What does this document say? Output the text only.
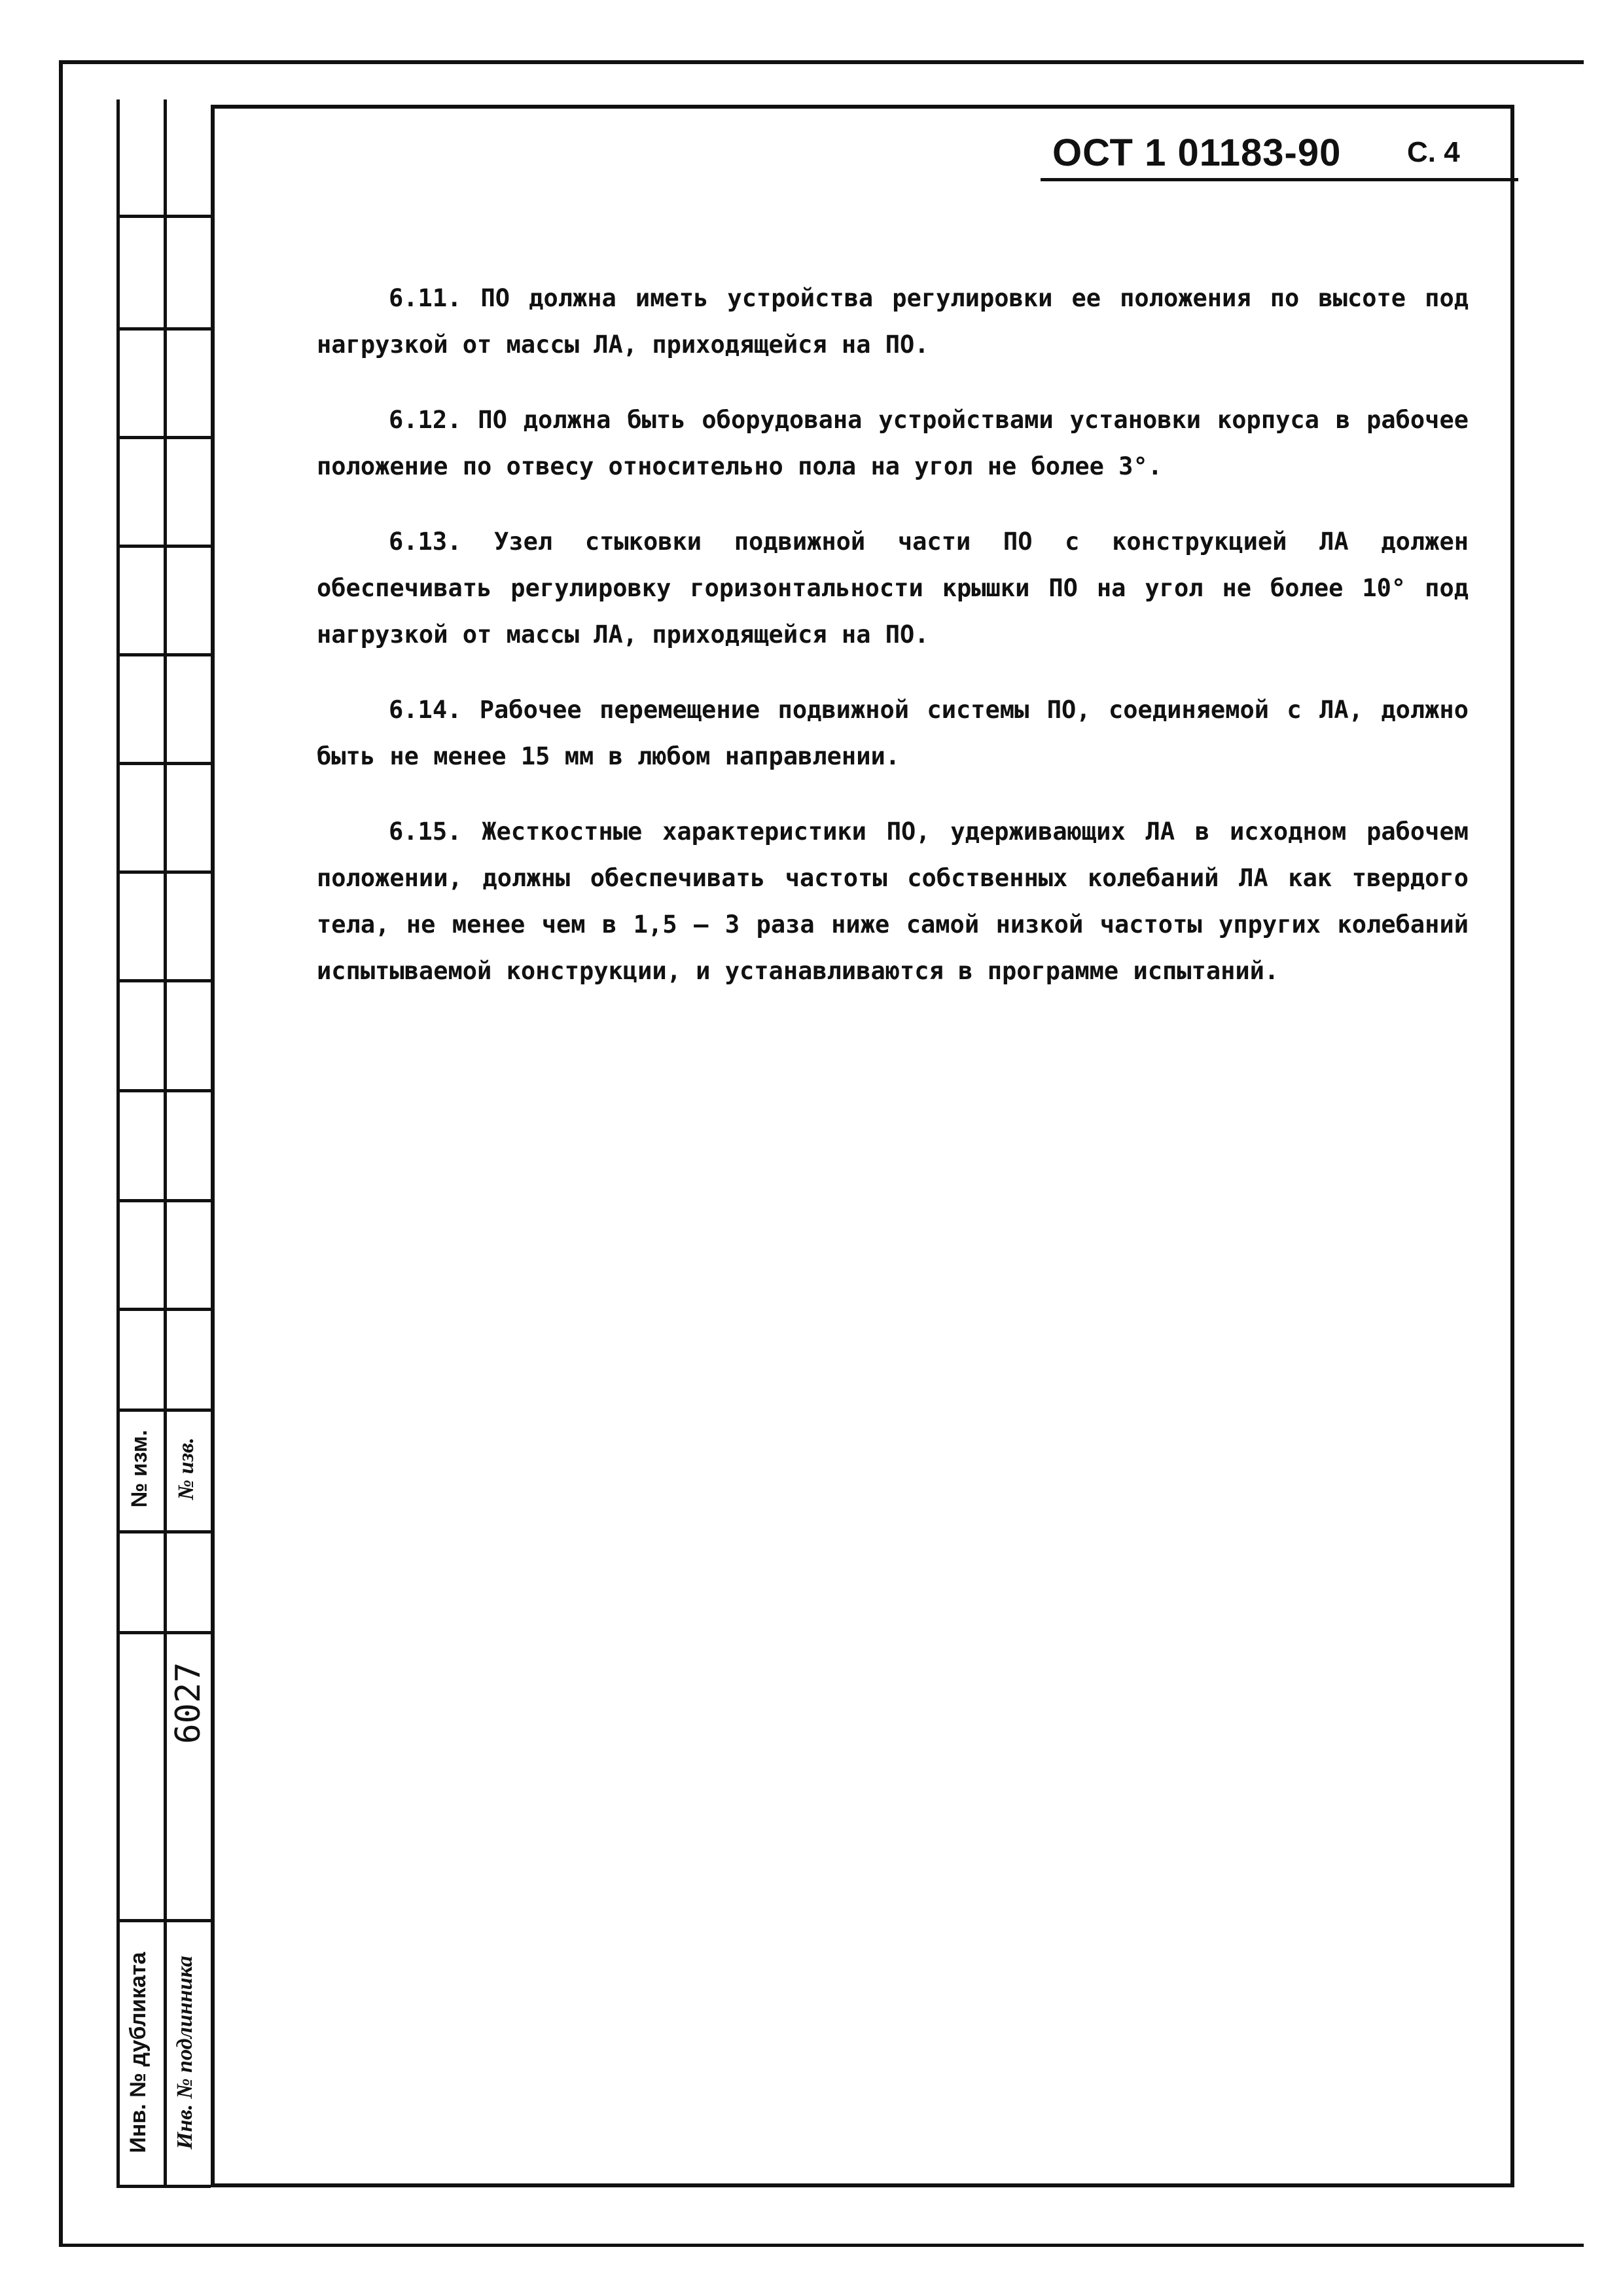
№ изм. № изв.
Инв. № дубликата Инв. № подлинника
6027
ОСТ 1 01183-90 С. 4

6.11. ПО должна иметь устройства регулировки ее положения по высоте под нагрузкой от массы ЛА, приходящейся на ПО.

6.12. ПО должна быть оборудована устройствами установки корпуса в рабочее положение по отвесу относительно пола на угол не более 3°.

6.13. Узел стыковки подвижной части ПО с конструкцией ЛА должен обеспечивать регулировку горизонтальности крышки ПО на угол не более 10° под нагрузкой от массы ЛА, приходящейся на ПО.

6.14. Рабочее перемещение подвижной системы ПО, соединяемой с ЛА, должно быть не менее 15 мм в любом направлении.

6.15. Жесткостные характеристики ПО, удерживающих ЛА в исходном рабочем положении, должны обеспечивать частоты собственных колебаний ЛА как твердого тела, не менее чем в 1,5 – 3 раза ниже самой низкой частоты упругих колебаний испытываемой конструкции, и устанавливаются в программе испытаний.
